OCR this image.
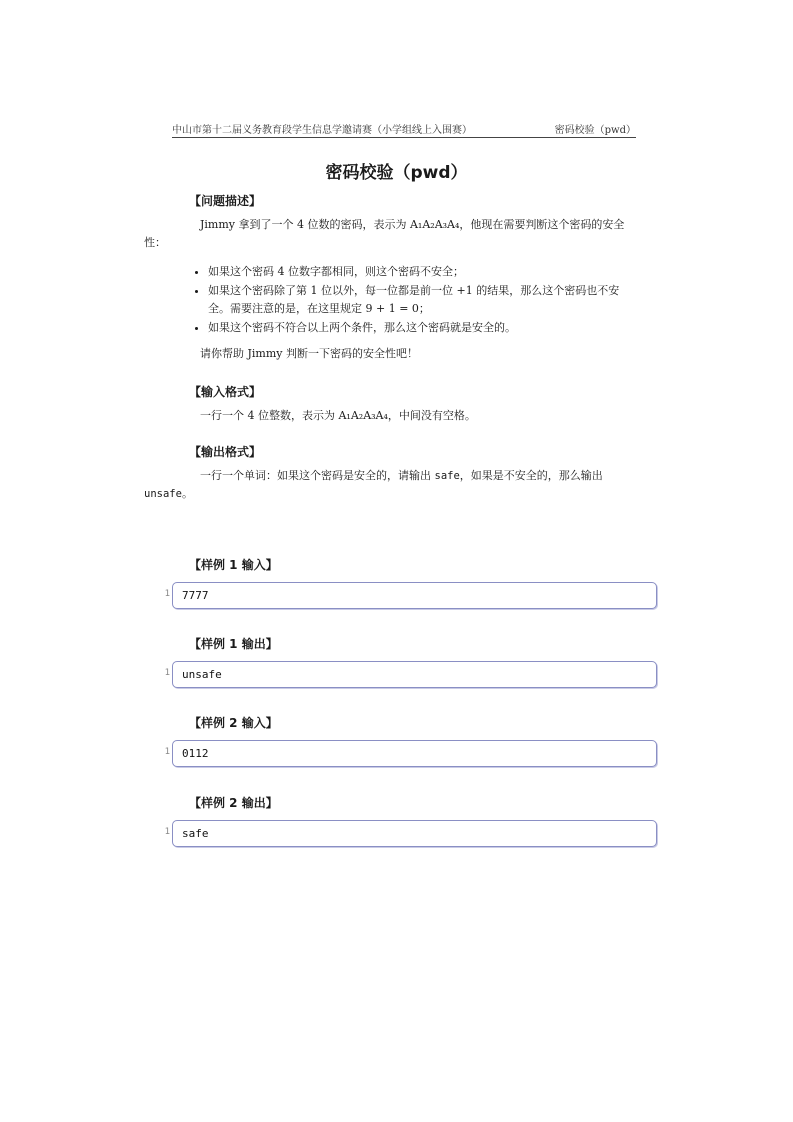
中山市第十二届义务教育段学生信息学邀请赛（小学组线上入围赛）	密码校验（pwd）
密码校验（pwd）
【问题描述】
Jimmy 拿到了一个 4 位数的密码，表示为 A₁A₂A₃A₄，他现在需要判断这个密码的安全
性：
• 如果这个密码 4 位数字都相同，则这个密码不安全；
• 如果这个密码除了第 1 位以外，每一位都是前一位 +1 的结果，那么这个密码也不安全。需要注意的是，在这里规定 9 + 1 = 0；
• 如果这个密码不符合以上两个条件，那么这个密码就是安全的。
请你帮助 Jimmy 判断一下密码的安全性吧！
【输入格式】
一行一个 4 位整数，表示为 A₁A₂A₃A₄，中间没有空格。
【输出格式】
一行一个单词：如果这个密码是安全的，请输出 safe，如果是不安全的，那么输出
unsafe。
【样例 1 输入】
1 7777
【样例 1 输出】
1 unsafe
【样例 2 输入】
1 0112
【样例 2 输出】
1 safe
